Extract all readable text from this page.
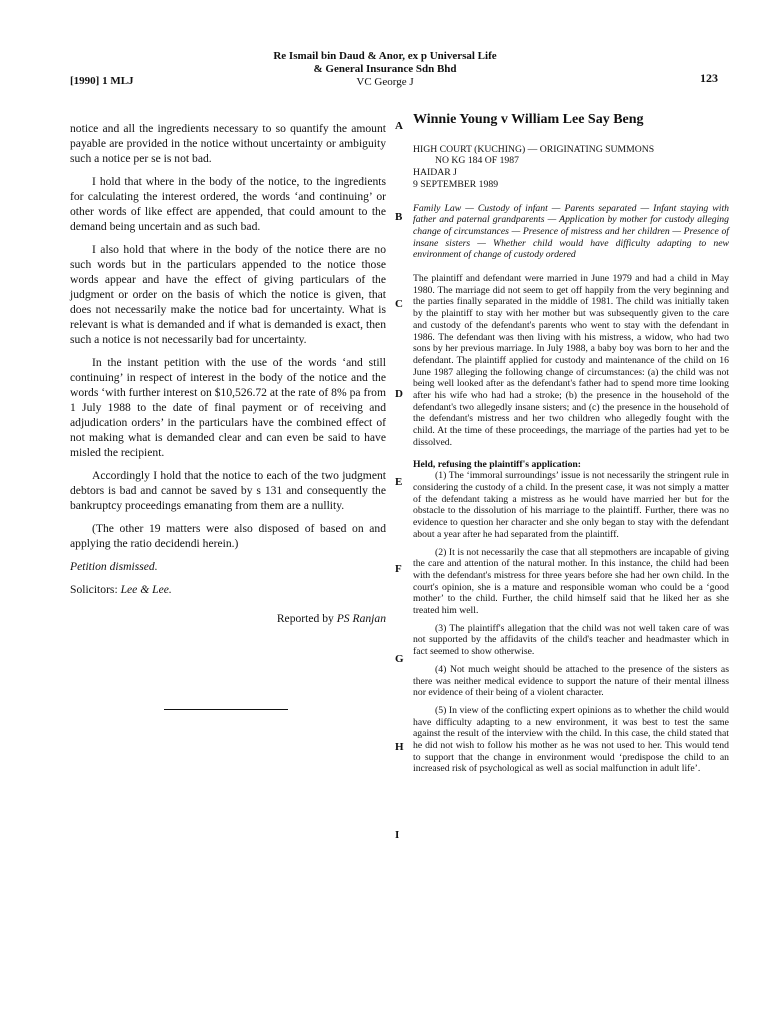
[1990] 1 MLJ
Re Ismail bin Daud & Anor, ex p Universal Life
& General Insurance Sdn Bhd
VC George J	123

notice and all the ingredients necessary to so quantify the amount payable are provided in the notice without uncertainty or ambiguity such a notice per se is not bad.

I hold that where in the body of the notice, to the ingredients for calculating the interest ordered, the words ‘and continuing’ or other words of like effect are appended, that could amount to the demand being uncertain and as such bad.

I also hold that where in the body of the notice there are no such words but in the particulars appended to the notice those words appear and have the effect of giving particulars of the judgment or order on the basis of which the notice is given, that does not necessarily make the notice bad for uncertainty. What is relevant is what is demanded and if what is demanded is exact, then such a notice is not necessarily bad for uncertainty.

In the instant petition with the use of the words ‘and still continuing’ in respect of interest in the body of the notice and the words ‘with further interest on $10,526.72 at the rate of 8% pa from 1 July 1988 to the date of final payment or of receiving and adjudication orders’ in the particulars have the combined effect of not making what is demanded clear and can even be said to have misled the recipient.

Accordingly I hold that the notice to each of the two judgment debtors is bad and cannot be saved by s 131 and consequently the bankruptcy proceedings emanating from them are a nullity.

(The other 19 matters were also disposed of based on and applying the ratio decidendi herein.)

Petition dismissed.

Solicitors: Lee & Lee.

Reported by PS Ranjan

A
B
C
D
E
F
G
H
I
Winnie Young v William Lee Say Beng
HIGH COURT (KUCHING) — ORIGINATING SUMMONS
NO KG 184 OF 1987
HAIDAR J
9 SEPTEMBER 1989
Family Law — Custody of infant — Parents separated — Infant staying with father and paternal grandparents — Application by mother for custody alleging change of circumstances — Presence of mistress and her children — Presence of insane sisters — Whether child would have difficulty adapting to new environment of change of custody ordered

The plaintiff and defendant were married in June 1979 and had a child in May 1980. The marriage did not seem to get off happily from the very beginning and the parties finally separated in the middle of 1981. The child was initially taken by the plaintiff to stay with her mother but was subsequently given to the care and custody of the defendant's parents who went to stay with the defendant in 1986. The defendant was then living with his mistress, a widow, who had two sons by her previous marriage. In July 1988, a baby boy was born to her and the defendant. The plaintiff applied for custody and maintenance of the child on 16 June 1987 alleging the following change of circumstances: (a) the child was not being well looked after as the defendant's father had to spend more time looking after his wife who had had a stroke; (b) the presence in the household of the defendant's two allegedly insane sisters; and (c) the presence in the household of the defendant's mistress and her two children who allegedly fought with the child. At the time of these proceedings, the marriage of the parties had yet to be dissolved.

Held, refusing the plaintiff's application:

(1) The ‘immoral surroundings’ issue is not necessarily the stringent rule in considering the custody of a child. In the present case, it was not simply a matter of the defendant taking a mistress as he would have married her but for the obstacle to the dissolution of his marriage to the plaintiff. Further, there was no evidence to question her character and she only began to stay with the defendant about a year after he had separated from the plaintiff.

(2) It is not necessarily the case that all stepmothers are incapable of giving the care and attention of the natural mother. In this instance, the child had been with the defendant's mistress for three years before she had her own child. In the court's opinion, she is a mature and responsible woman who could be a ‘good mother’ to the child. Further, the child himself said that he liked her as she treated him well.

(3) The plaintiff's allegation that the child was not well taken care of was not supported by the affidavits of the child's teacher and headmaster which in fact seemed to show otherwise.

(4) Not much weight should be attached to the presence of the sisters as there was neither medical evidence to support the nature of their mental illness nor evidence of their being of a violent character.

(5) In view of the conflicting expert opinions as to whether the child would have difficulty adapting to a new environment, it was best to test the same against the result of the interview with the child. In this case, the child stated that he did not wish to follow his mother as he was not used to her. This would tend to support that the change in environment would ‘predispose the child to an increased risk of psychological as well as social malfunction in adult life’.
